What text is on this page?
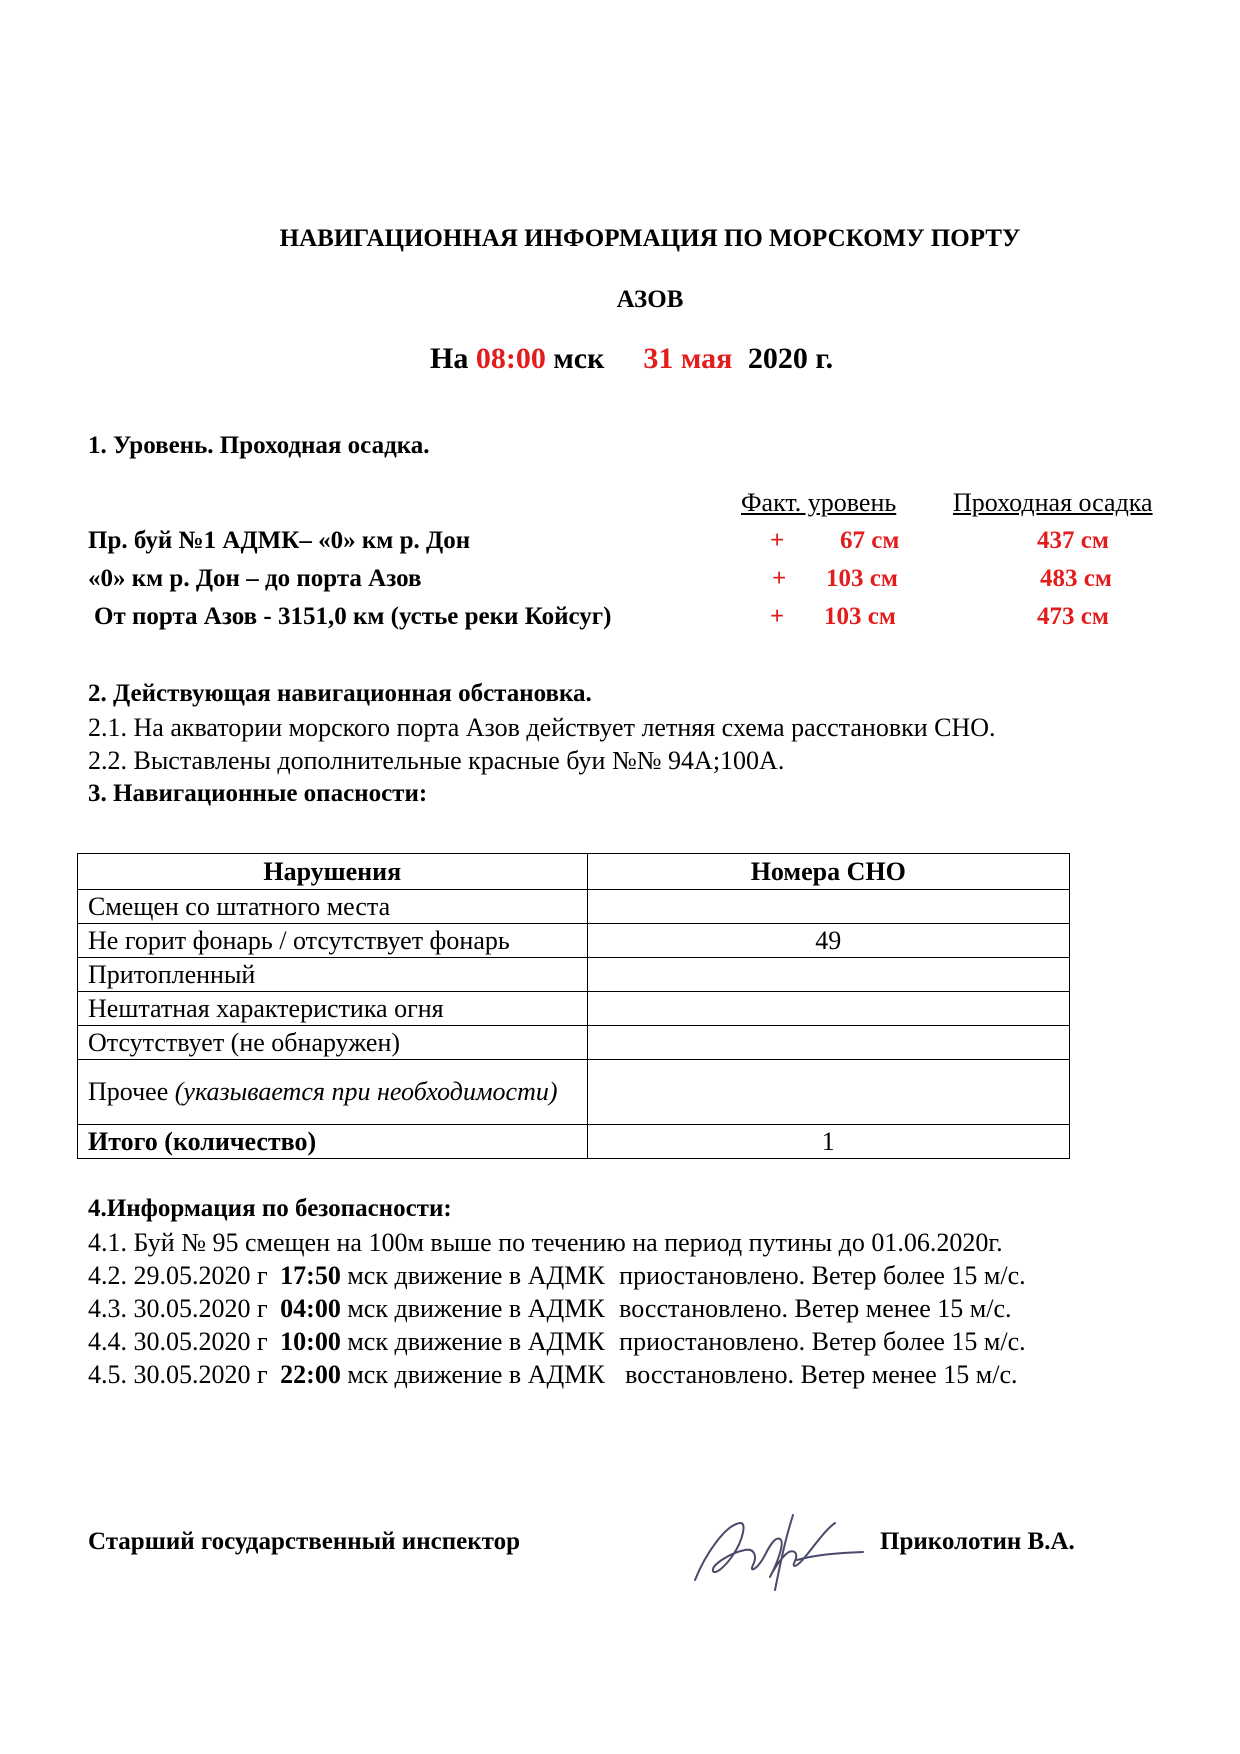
НАВИГАЦИОННАЯ ИНФОРМАЦИЯ ПО МОРСКОМУ ПОРТУ
АЗОВ
На 08:00 мск 31 мая 2020 г.
1. Уровень. Проходная осадка.
Факт. уровень Проходная осадка
Пр. буй №1 АДМК– «0» км р. Дон	+ 67 см	437 см
«0» км р. Дон – до порта Азов	+ 103 см	483 см
От порта Азов - 3151,0 км (устье реки Койсуг)	+ 103 см	473 см
2. Действующая навигационная обстановка.
2.1. На акватории морского порта Азов действует летняя схема расстановки СНО.
2.2. Выставлены дополнительные красные буи №№ 94А;100А.
3. Навигационные опасности:
Нарушения	Номера СНО
Смещен со штатного места	
Не горит фонарь / отсутствует фонарь	49
Притопленный	
Нештатная характеристика огня	
Отсутствует (не обнаружен)	
Прочее (указывается при необходимости)	
Итого (количество)	1
4.Информация по безопасности:
4.1. Буй № 95 смещен на 100м выше по течению на период путины до 01.06.2020г.
4.2. 29.05.2020 г 17:50 мск движение в АДМК приостановлено. Ветер более 15 м/с.
4.3. 30.05.2020 г 04:00 мск движение в АДМК восстановлено. Ветер менее 15 м/с.
4.4. 30.05.2020 г 10:00 мск движение в АДМК приостановлено. Ветер более 15 м/с.
4.5. 30.05.2020 г 22:00 мск движение в АДМК восстановлено. Ветер менее 15 м/с.
Старший государственный инспектор	Приколотин В.А.
